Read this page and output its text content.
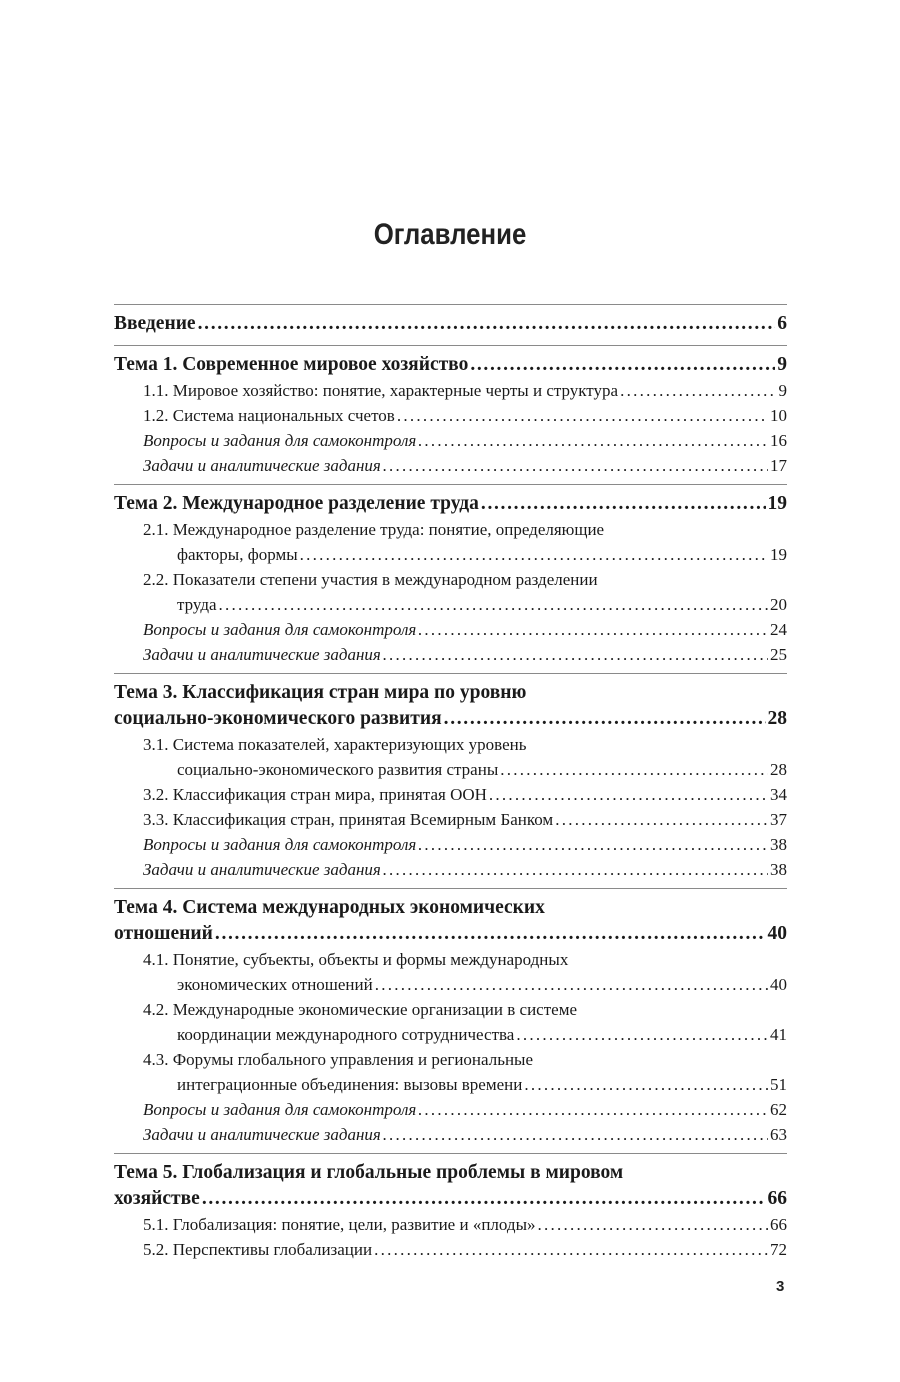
Оглавление
Введение . . .	6
Тема 1. Современное мировое хозяйство . . .	9
1.1. Мировое хозяйство: понятие, характерные черты и структура . . .	9
1.2. Система национальных счетов . . .	10
Вопросы и задания для самоконтроля . . .	16
Задачи и аналитические задания . . .	17
Тема 2. Международное разделение труда . . .	19
2.1. Международное разделение труда: понятие, определяющие
факторы, формы . . .	19
2.2. Показатели степени участия в международном разделении
труда . . .	20
Вопросы и задания для самоконтроля . . .	24
Задачи и аналитические задания . . .	25
Тема 3. Классификация стран мира по уровню
социально-экономического развития . . .	28
3.1. Система показателей, характеризующих уровень
социально-экономического развития страны . . .	28
3.2. Классификация стран мира, принятая ООН . . .	34
3.3. Классификация стран, принятая Всемирным Банком . . .	37
Вопросы и задания для самоконтроля . . .	38
Задачи и аналитические задания . . .	38
Тема 4. Система международных экономических
отношений . . .	40
4.1. Понятие, субъекты, объекты и формы международных
экономических отношений . . .	40
4.2. Международные экономические организации в системе
координации международного сотрудничества . . .	41
4.3. Форумы глобального управления и региональные
интеграционные объединения: вызовы времени . . .	51
Вопросы и задания для самоконтроля . . .	62
Задачи и аналитические задания . . .	63
Тема 5. Глобализация и глобальные проблемы в мировом
хозяйстве . . .	66
5.1. Глобализация: понятие, цели, развитие и «плоды» . . .	66
5.2. Перспективы глобализации . . .	72
3
